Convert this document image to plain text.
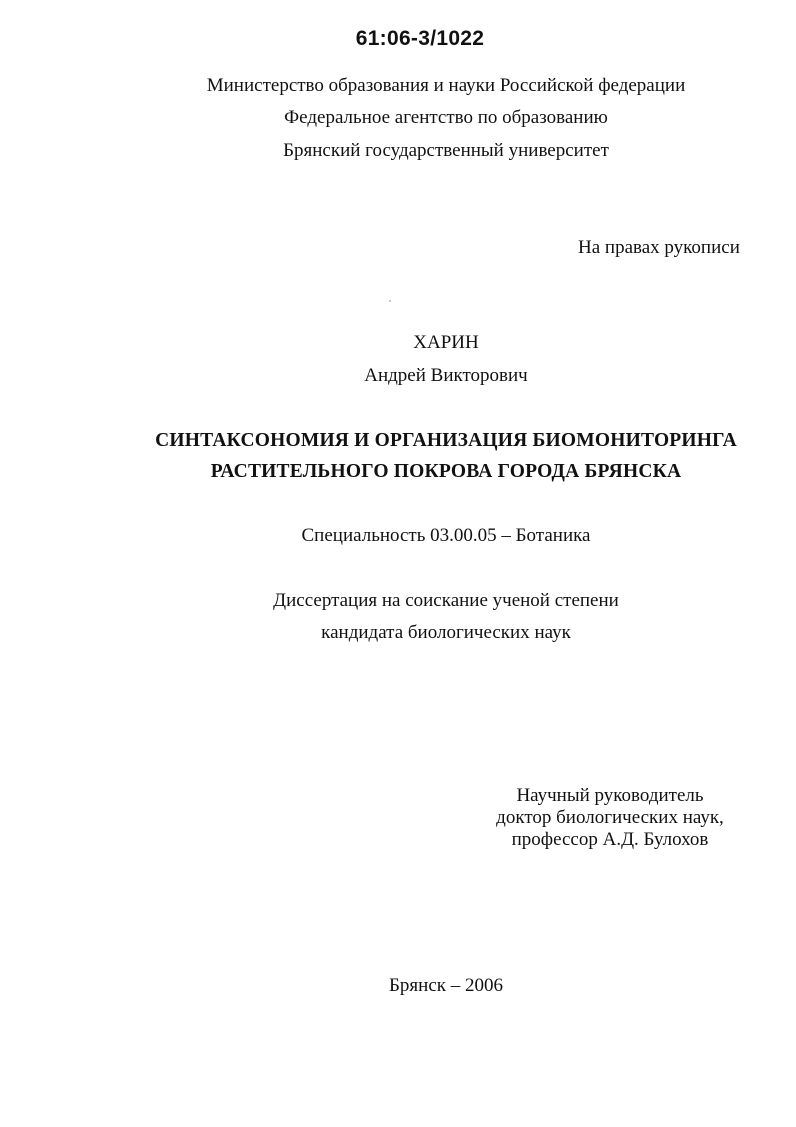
61:06-3/1022
Министерство образования и науки Российской федерации
Федеральное агентство по образованию
Брянский государственный университет
На правах рукописи
ХАРИН
Андрей Викторович
СИНТАКСОНОМИЯ И ОРГАНИЗАЦИЯ БИОМОНИТОРИНГА
РАСТИТЕЛЬНОГО ПОКРОВА ГОРОДА БРЯНСКА
Специальность 03.00.05 – Ботаника
Диссертация на соискание ученой степени
кандидата биологических наук
Научный руководитель
доктор биологических наук,
профессор А.Д. Булохов
Брянск – 2006
